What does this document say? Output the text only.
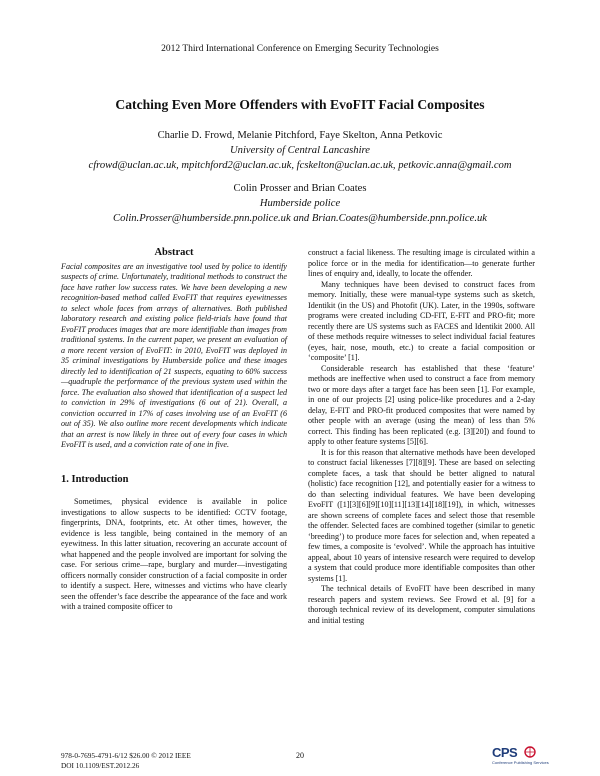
2012 Third International Conference on Emerging Security Technologies
Catching Even More Offenders with EvoFIT Facial Composites
Charlie D. Frowd, Melanie Pitchford, Faye Skelton, Anna Petkovic
University of Central Lancashire
cfrowd@uclan.ac.uk, mpitchford2@uclan.ac.uk, fcskelton@uclan.ac.uk, petkovic.anna@gmail.com
Colin Prosser and Brian Coates
Humberside police
Colin.Prosser@humberside.pnn.police.uk and Brian.Coates@humberside.pnn.police.uk
Abstract

Facial composites are an investigative tool used by police to identify suspects of crime. Unfortunately, traditional methods to construct the face have rather low success rates. We have been developing a new recognition-based method called EvoFIT that requires eyewitnesses to select whole faces from arrays of alternatives. Both published laboratory research and existing police field-trials have found that EvoFIT produces images that are more identifiable than images from traditional systems. In the current paper, we present an evaluation of a more recent version of EvoFIT: in 2010, EvoFIT was deployed in 35 criminal investigations by Humberside police and these images directly led to identification of 21 suspects, equating to 60% success—quadruple the performance of the previous system used within the force. The evaluation also showed that identification of a suspect led to conviction in 29% of investigations (6 out of 21). Overall, a conviction occurred in 17% of cases involving use of an EvoFIT (6 out of 35). We also outline more recent developments which indicate that an arrest is now likely in three out of every four cases in which EvoFIT is used, and a conviction rate of one in five.

1. Introduction

Sometimes, physical evidence is available in police investigations to allow suspects to be identified: CCTV footage, fingerprints, DNA, footprints, etc. At other times, however, the evidence is less tangible, being contained in the memory of an eyewitness. In this latter situation, recovering an accurate account of what happened and the people involved are important for solving the case. For serious crime—rape, burglary and murder—investigating officers normally consider construction of a facial composite in order to identify a suspect. Here, witnesses and victims who have clearly seen the offender’s face describe the appearance of the face and work with a trained composite officer to

construct a facial likeness. The resulting image is circulated within a police force or in the media for identification—to generate further lines of enquiry and, ideally, to locate the offender.

Many techniques have been devised to construct faces from memory. Initially, these were manual-type systems such as sketch, Identikit (in the US) and Photofit (UK). Later, in the 1990s, software programs were created including CD-FIT, E-FIT and PRO-fit; more recently there are US systems such as FACES and Identikit 2000. All of these methods require witnesses to select individual facial features (eyes, hair, nose, mouth, etc.) to create a facial composition or ‘composite’ [1].

Considerable research has established that these ‘feature’ methods are ineffective when used to construct a face from memory two or more days after a target face has been seen [1]. For example, in one of our projects [2] using police-like procedures and a 2-day delay, E-FIT and PRO-fit produced composites that were named by other people with an average (using the mean) of less than 5% correct. This finding has been replicated (e.g. [3][20]) and found to apply to other feature systems [5][6].

It is for this reason that alternative methods have been developed to construct facial likenesses [7][8][9]. These are based on selecting complete faces, a task that should be better aligned to natural (holistic) face recognition [12], and potentially easier for a witness to do than selecting individual features. We have been developing EvoFIT ([1][3][6][9][10][11][13][14][18][19]), in which, witnesses are shown screens of complete faces and select those that resemble the offender. Selected faces are combined together (similar to genetic ‘breeding’) to produce more faces for selection and, when repeated a few times, a composite is ‘evolved’. While the approach has intuitive appeal, about 10 years of intensive research were required to develop a system that could produce more identifiable composites than other systems [1].

The technical details of EvoFIT have been described in many research papers and system reviews. See Frowd et al. [9] for a thorough technical review of its development, computer simulations and initial testing

978-0-7695-4791-6/12 $26.00 © 2012 IEEE
DOI 10.1109/EST.2012.26
20	CPS
Conference Publishing Services
